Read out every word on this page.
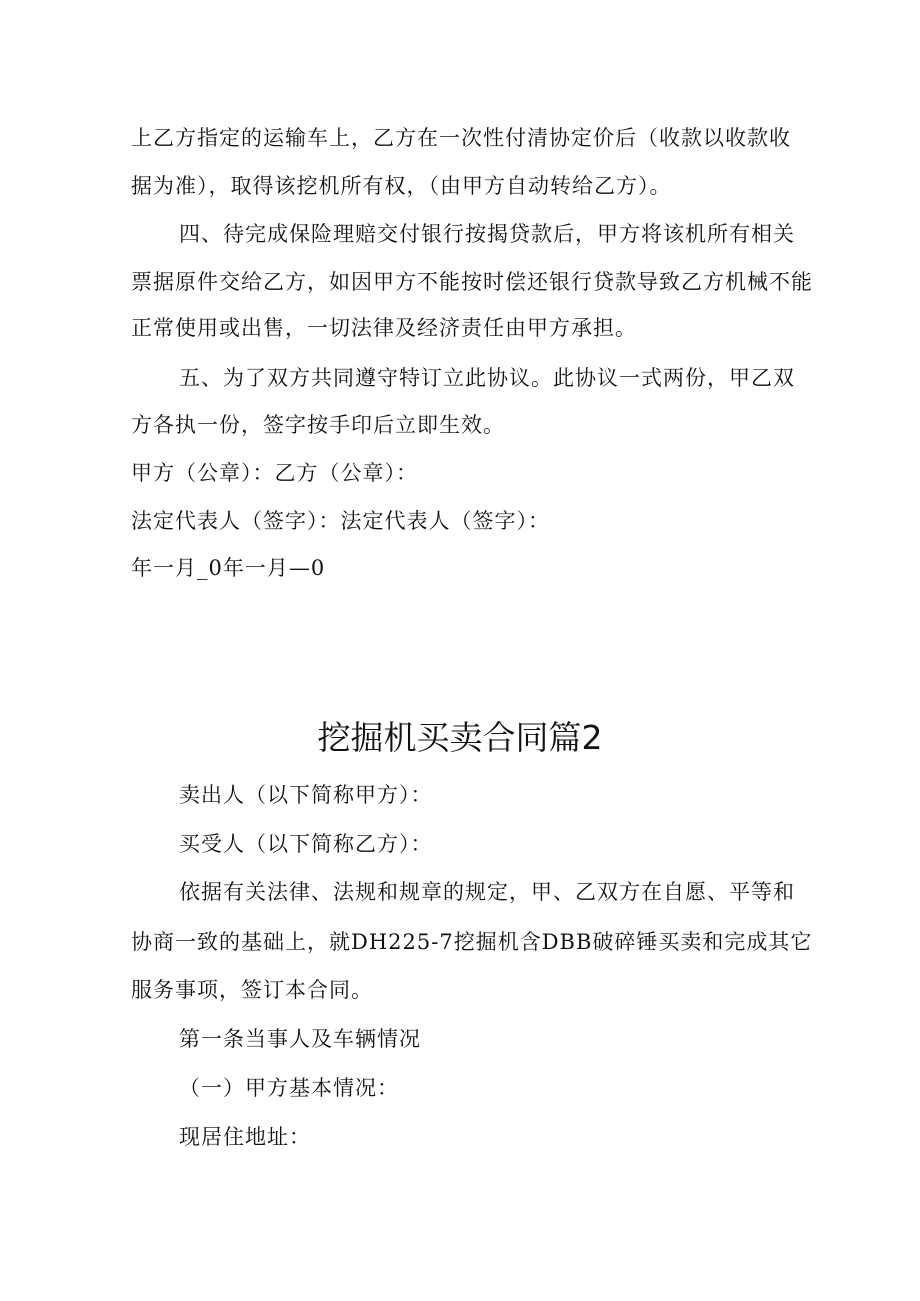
上乙方指定的运输车上，乙方在一次性付清协定价后（收款以收款收
据为准），取得该挖机所有权，（由甲方自动转给乙方）。
四、待完成保险理赔交付银行按揭贷款后，甲方将该机所有相关
票据原件交给乙方，如因甲方不能按时偿还银行贷款导致乙方机械不能
正常使用或出售，一切法律及经济责任由甲方承担。
五、为了双方共同遵守特订立此协议。此协议一式两份，甲乙双
方各执一份，签字按手印后立即生效。
甲方（公章）：乙方（公章）：
法定代表人（签字）：法定代表人（签字）：
年一月_0年一月—0
挖掘机买卖合同篇2
卖出人（以下简称甲方）：
买受人（以下简称乙方）：
依据有关法律、法规和规章的规定，甲、乙双方在自愿、平等和
协商一致的基础上，就DH225-7挖掘机含DBB破碎锤买卖和完成其它
服务事项，签订本合同。
第一条当事人及车辆情况
（一）甲方基本情况：
现居住地址：
